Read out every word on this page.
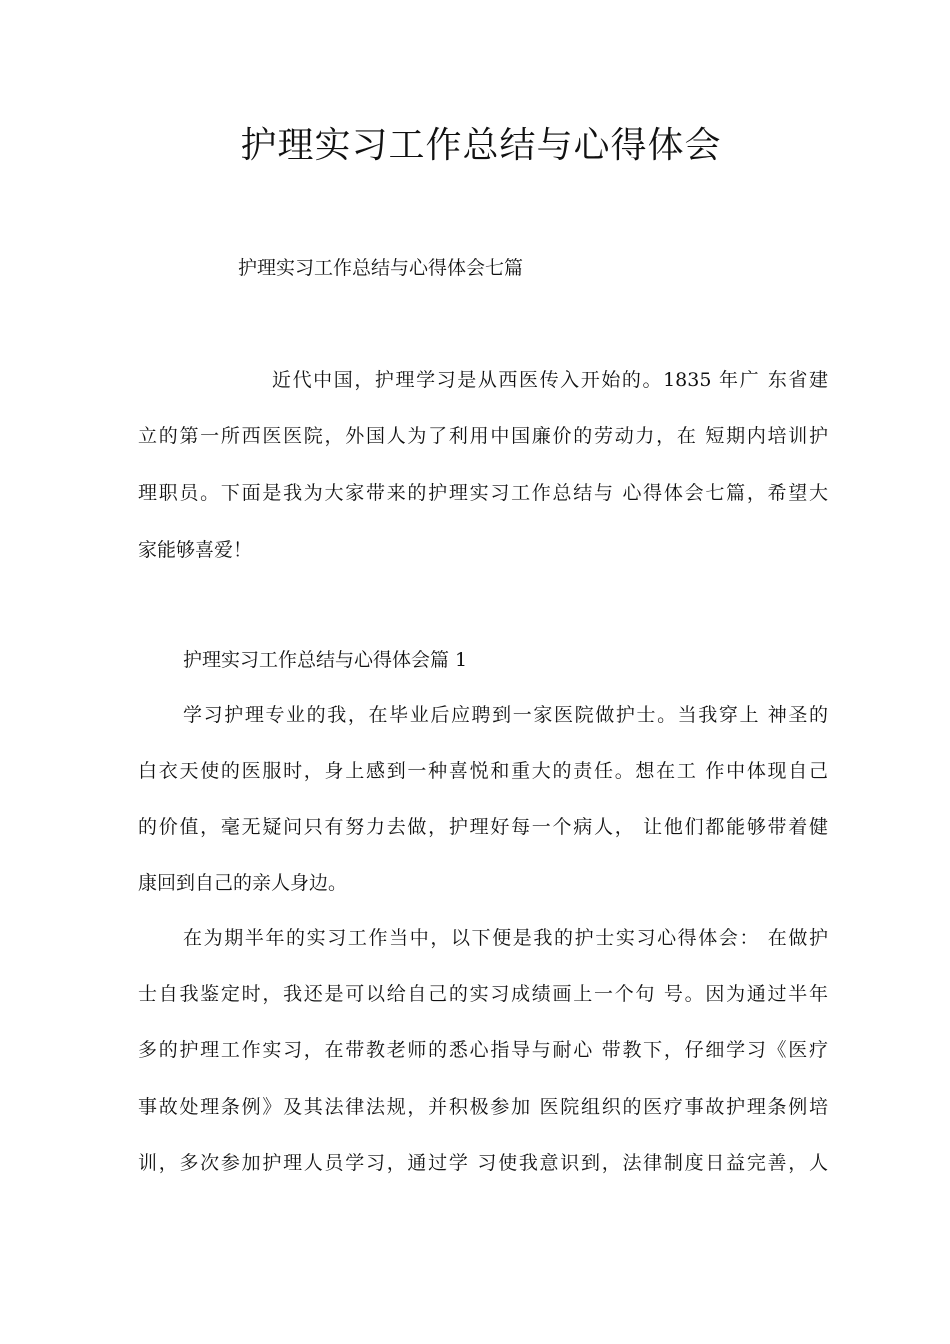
护理实习工作总结与心得体会

护理实习工作总结与心得体会七篇

近代中国，护理学习是从西医传入开始的。1835 年广 东省建

立的第一所西医医院，外国人为了利用中国廉价的劳动力，在 短期内培训护

理职员。下面是我为大家带来的护理实习工作总结与 心得体会七篇，希望大

家能够喜爱！

护理实习工作总结与心得体会篇 1

学习护理专业的我，在毕业后应聘到一家医院做护士。当我穿上 神圣的

白衣天使的医服时，身上感到一种喜悦和重大的责任。想在工 作中体现自己

的价值，毫无疑问只有努力去做，护理好每一个病人， 让他们都能够带着健

康回到自己的亲人身边。

在为期半年的实习工作当中，以下便是我的护士实习心得体会： 在做护

士自我鉴定时，我还是可以给自己的实习成绩画上一个句 号。因为通过半年

多的护理工作实习，在带教老师的悉心指导与耐心 带教下，仔细学习《医疗

事故处理条例》及其法律法规，并积极参加 医院组织的医疗事故护理条例培

训，多次参加护理人员学习，通过学 习使我意识到，法律制度日益完善，人
